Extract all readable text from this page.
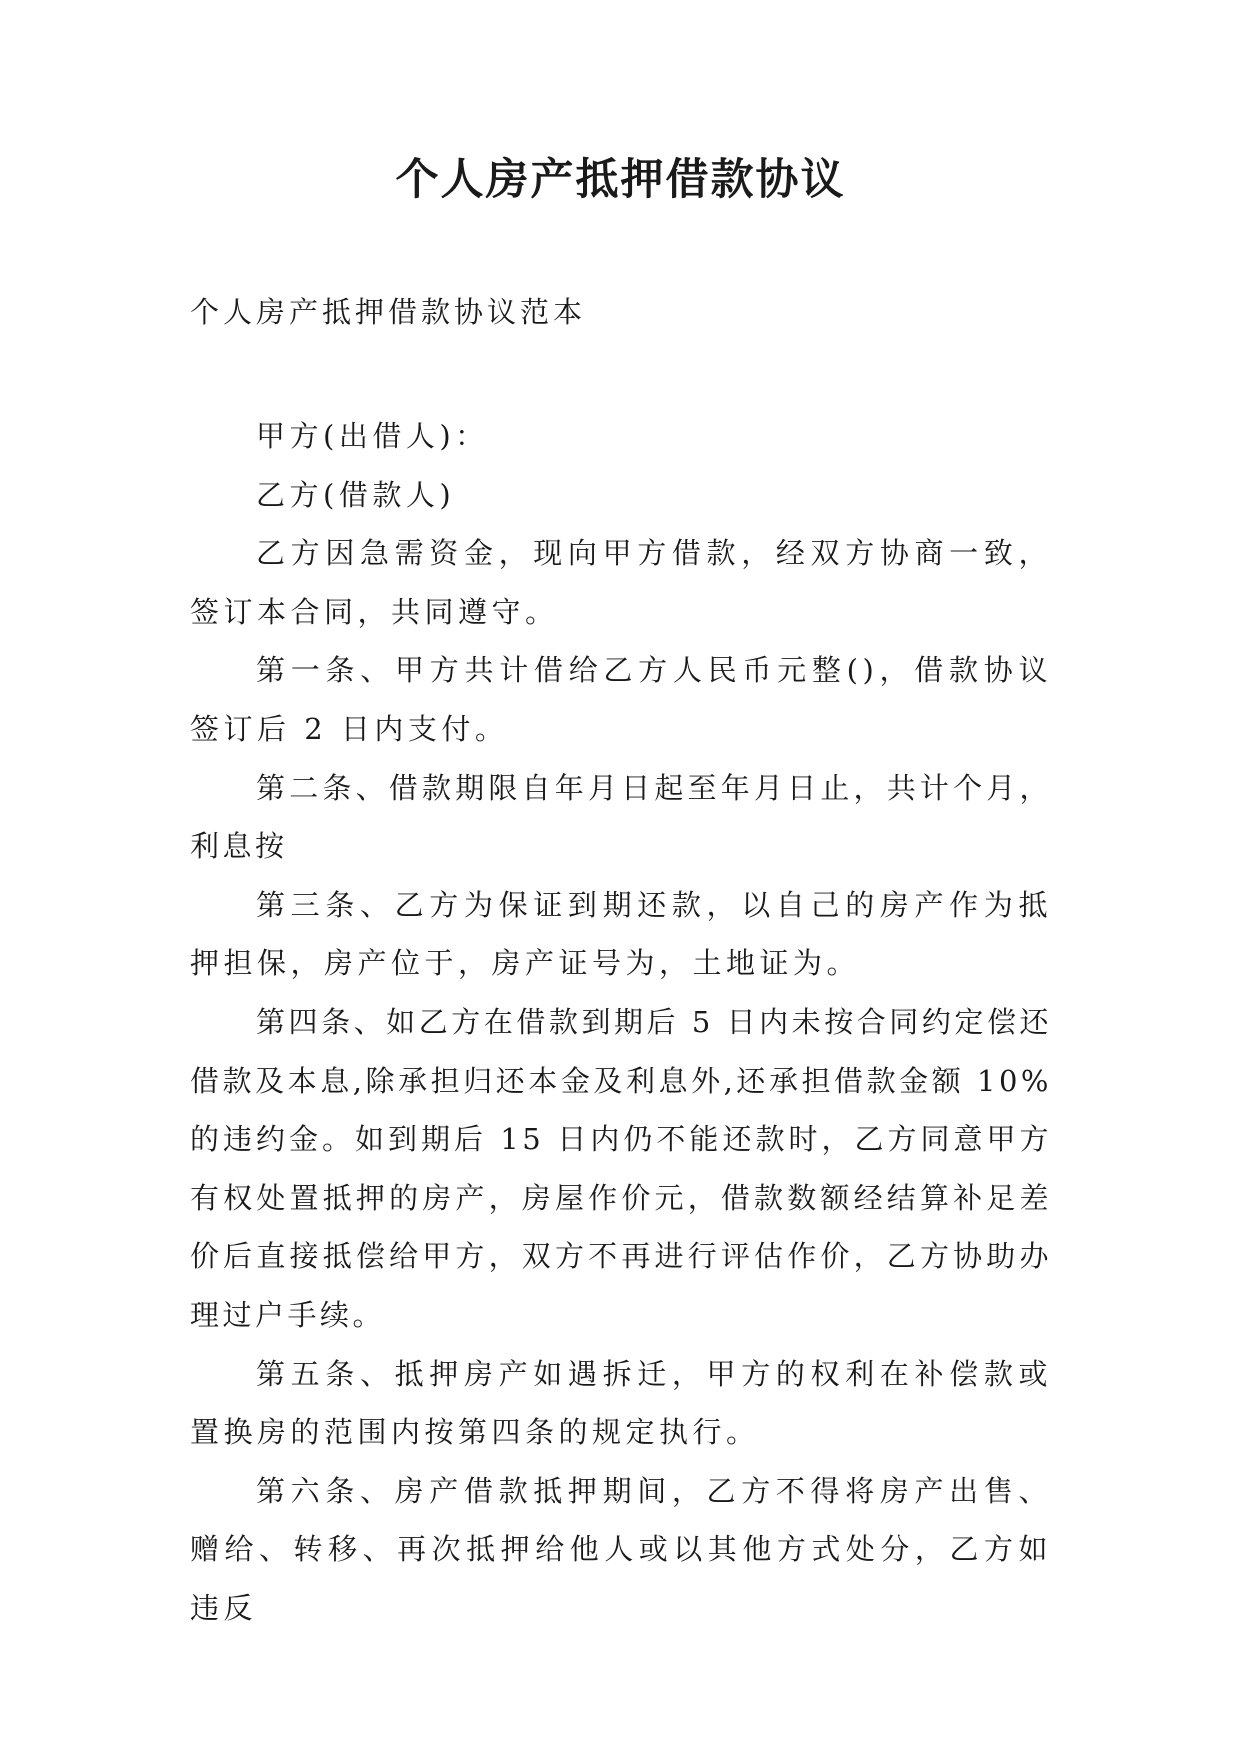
个人房产抵押借款协议

个人房产抵押借款协议范本

甲方(出借人)：

乙方(借款人)

乙方因急需资金，现向甲方借款，经双方协商一致，签订本合同，共同遵守。

第一条、甲方共计借给乙方人民币元整()，借款协议签订后 2 日内支付。

第二条、借款期限自年月日起至年月日止，共计个月，利息按

第三条、乙方为保证到期还款，以自己的房产作为抵押担保，房产位于，房产证号为，土地证为。

第四条、如乙方在借款到期后 5 日内未按合同约定偿还借款及本息,除承担归还本金及利息外,还承担借款金额 10%的违约金。如到期后 15 日内仍不能还款时，乙方同意甲方有权处置抵押的房产，房屋作价元，借款数额经结算补足差价后直接抵偿给甲方，双方不再进行评估作价，乙方协助办理过户手续。

第五条、抵押房产如遇拆迁，甲方的权利在补偿款或置换房的范围内按第四条的规定执行。

第六条、房产借款抵押期间，乙方不得将房产出售、赠给、转移、再次抵押给他人或以其他方式处分，乙方如违反
